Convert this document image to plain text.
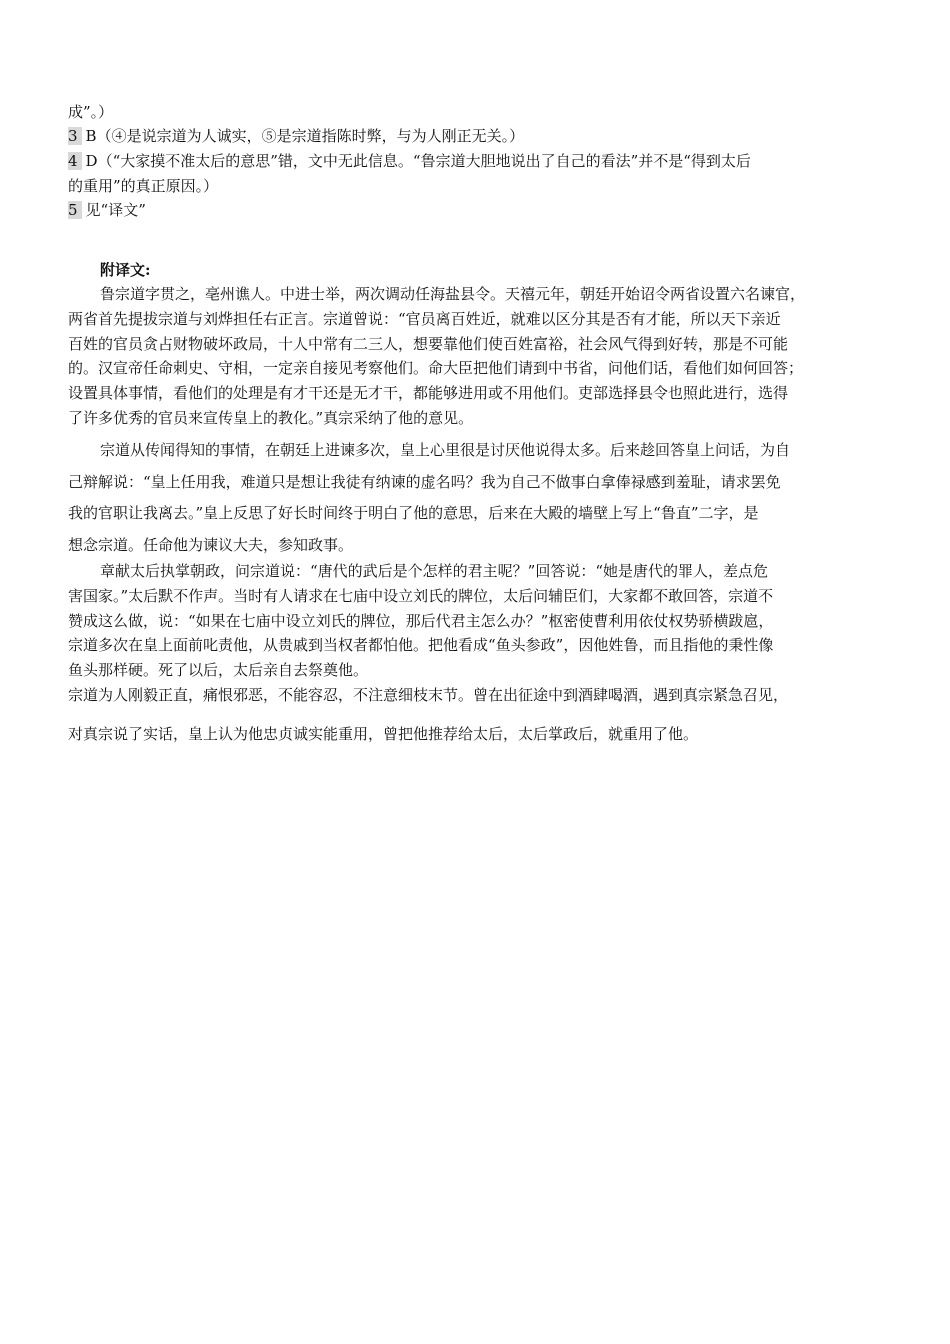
成”。）
3 B（④是说宗道为人诚实，⑤是宗道指陈时弊，与为人刚正无关。）
4 D（“大家摸不准太后的意思”错，文中无此信息。“鲁宗道大胆地说出了自己的看法”并不是“得到太后
的重用”的真正原因。）
5 见“译文”
附译文:
鲁宗道字贯之，亳州谯人。中进士举，两次调动任海盐县令。天禧元年，朝廷开始诏令两省设置六名谏官，
两省首先提拔宗道与刘烨担任右正言。宗道曾说：“官员离百姓近，就难以区分其是否有才能，所以天下亲近
百姓的官员贪占财物破坏政局，十人中常有二三人，想要靠他们使百姓富裕，社会风气得到好转，那是不可能
的。汉宣帝任命刺史、守相，一定亲自接见考察他们。命大臣把他们请到中书省，问他们话，看他们如何回答；
设置具体事情，看他们的处理是有才干还是无才干，都能够进用或不用他们。吏部选择县令也照此进行，选得
了许多优秀的官员来宣传皇上的教化。”真宗采纳了他的意见。
宗道从传闻得知的事情，在朝廷上进谏多次，皇上心里很是讨厌他说得太多。后来趁回答皇上问话，为自
己辩解说：“皇上任用我，难道只是想让我徒有纳谏的虚名吗？我为自己不做事白拿俸禄感到羞耻，请求罢免
我的官职让我离去。”皇上反思了好长时间终于明白了他的意思，后来在大殿的墙壁上写上“鲁直”二字，是
想念宗道。任命他为谏议大夫，参知政事。
章献太后执掌朝政，问宗道说：“唐代的武后是个怎样的君主呢？”回答说：“她是唐代的罪人，差点危
害国家。”太后默不作声。当时有人请求在七庙中设立刘氏的牌位，太后问辅臣们，大家都不敢回答，宗道不
赞成这么做，说：“如果在七庙中设立刘氏的牌位，那后代君主怎么办？”枢密使曹利用依仗权势骄横跋扈，
宗道多次在皇上面前叱责他，从贵戚到当权者都怕他。把他看成“鱼头参政”，因他姓鲁，而且指他的秉性像
鱼头那样硬。死了以后，太后亲自去祭奠他。
宗道为人刚毅正直，痛恨邪恶，不能容忍，不注意细枝末节。曾在出征途中到酒肆喝酒，遇到真宗紧急召见，
对真宗说了实话，皇上认为他忠贞诚实能重用，曾把他推荐给太后，太后掌政后，就重用了他。
